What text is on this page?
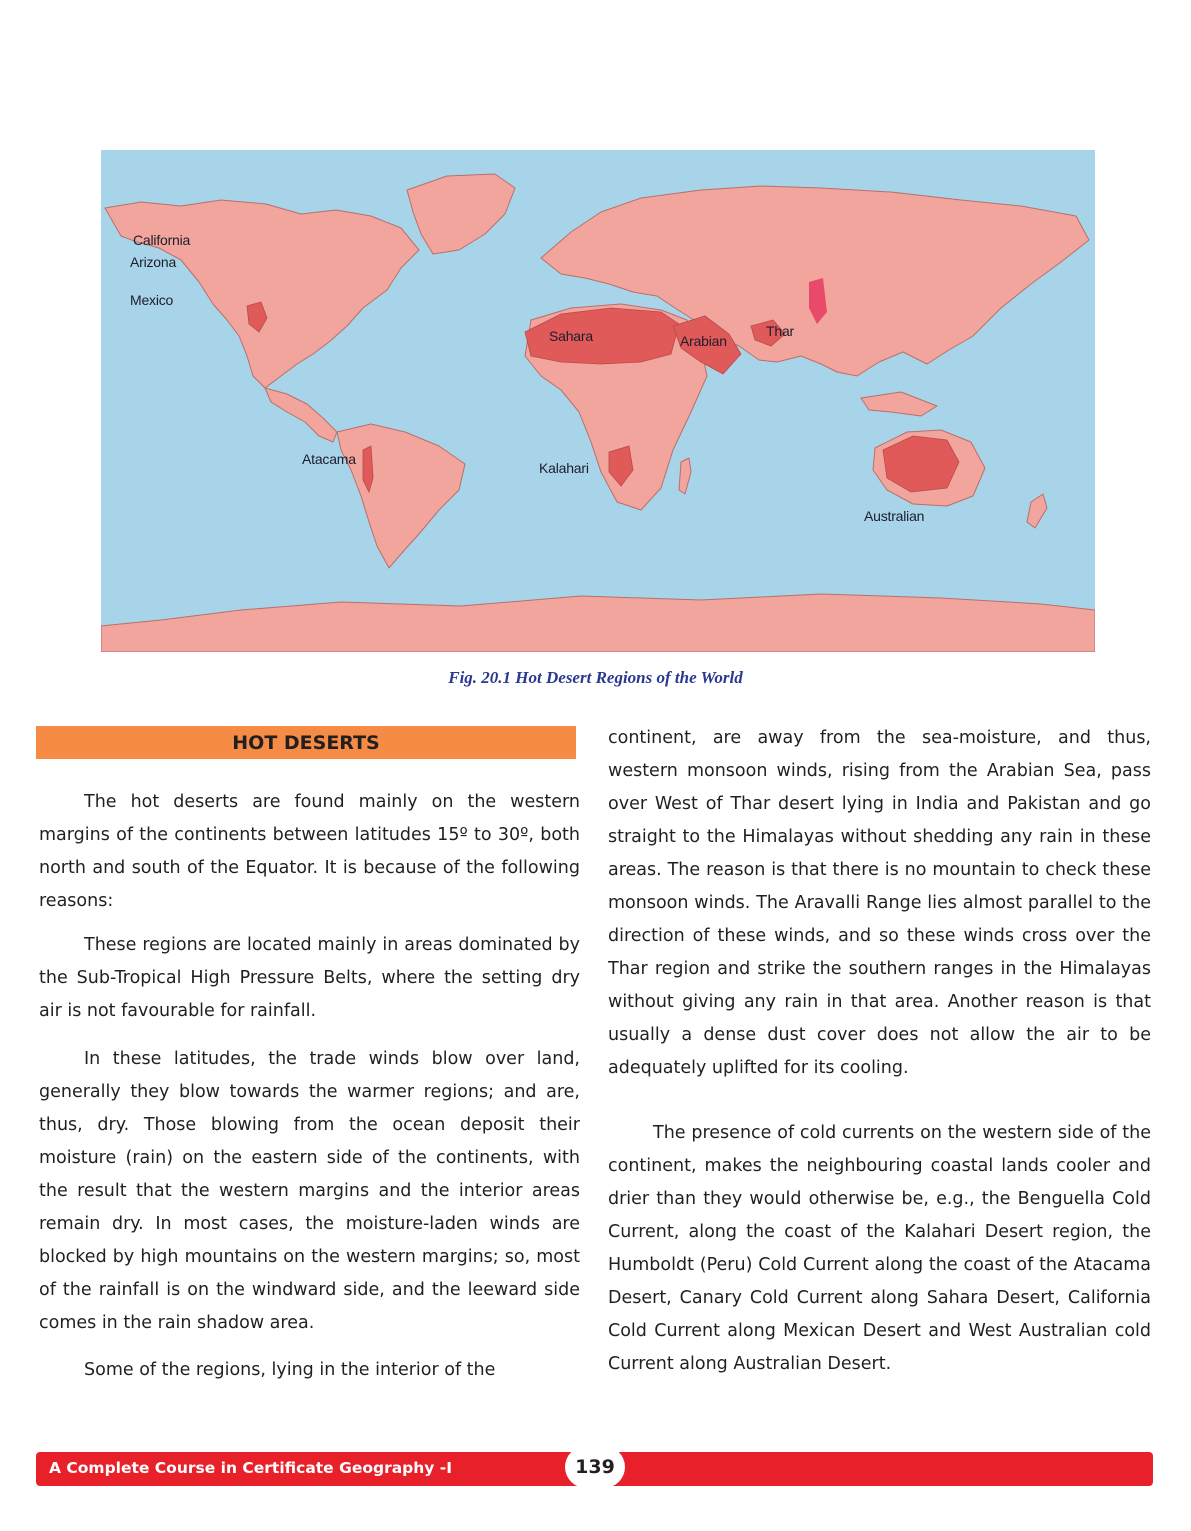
California
Arizona
Mexico
Sahara	Arabian
Thar
Atacama
Kalahari
Australian
Fig. 20.1 Hot Desert Regions of the World
HOT DESERTS

The hot deserts are found mainly on the western margins of the continents between latitudes 15º to 30º, both north and south of the Equator. It is because of the following reasons:

These regions are located mainly in areas dominated by the Sub-Tropical High Pressure Belts, where the setting dry air is not favourable for rainfall.

In these latitudes, the trade winds blow over land, generally they blow towards the warmer regions; and are, thus, dry. Those blowing from the ocean deposit their moisture (rain) on the eastern side of the continents, with the result that the western margins and the interior areas remain dry. In most cases, the moisture-laden winds are blocked by high mountains on the western margins; so, most of the rainfall is on the windward side, and the leeward side comes in the rain shadow area.

Some of the regions, lying in the interior of the

continent, are away from the sea-moisture, and thus, western monsoon winds, rising from the Arabian Sea, pass over West of Thar desert lying in India and Pakistan and go straight to the Himalayas without shedding any rain in these areas. The reason is that there is no mountain to check these monsoon winds. The Aravalli Range lies almost parallel to the direction of these winds, and so these winds cross over the Thar region and strike the southern ranges in the Himalayas without giving any rain in that area. Another reason is that usually a dense dust cover does not allow the air to be adequately uplifted for its cooling.

The presence of cold currents on the western side of the continent, makes the neighbouring coastal lands cooler and drier than they would otherwise be, e.g., the Benguella Cold Current, along the coast of the Kalahari Desert region, the Humboldt (Peru) Cold Current along the coast of the Atacama Desert, Canary Cold Current along Sahara Desert, California Cold Current along Mexican Desert and West Australian cold Current along Australian Desert.

A Complete Course in Certificate Geography -I	139
